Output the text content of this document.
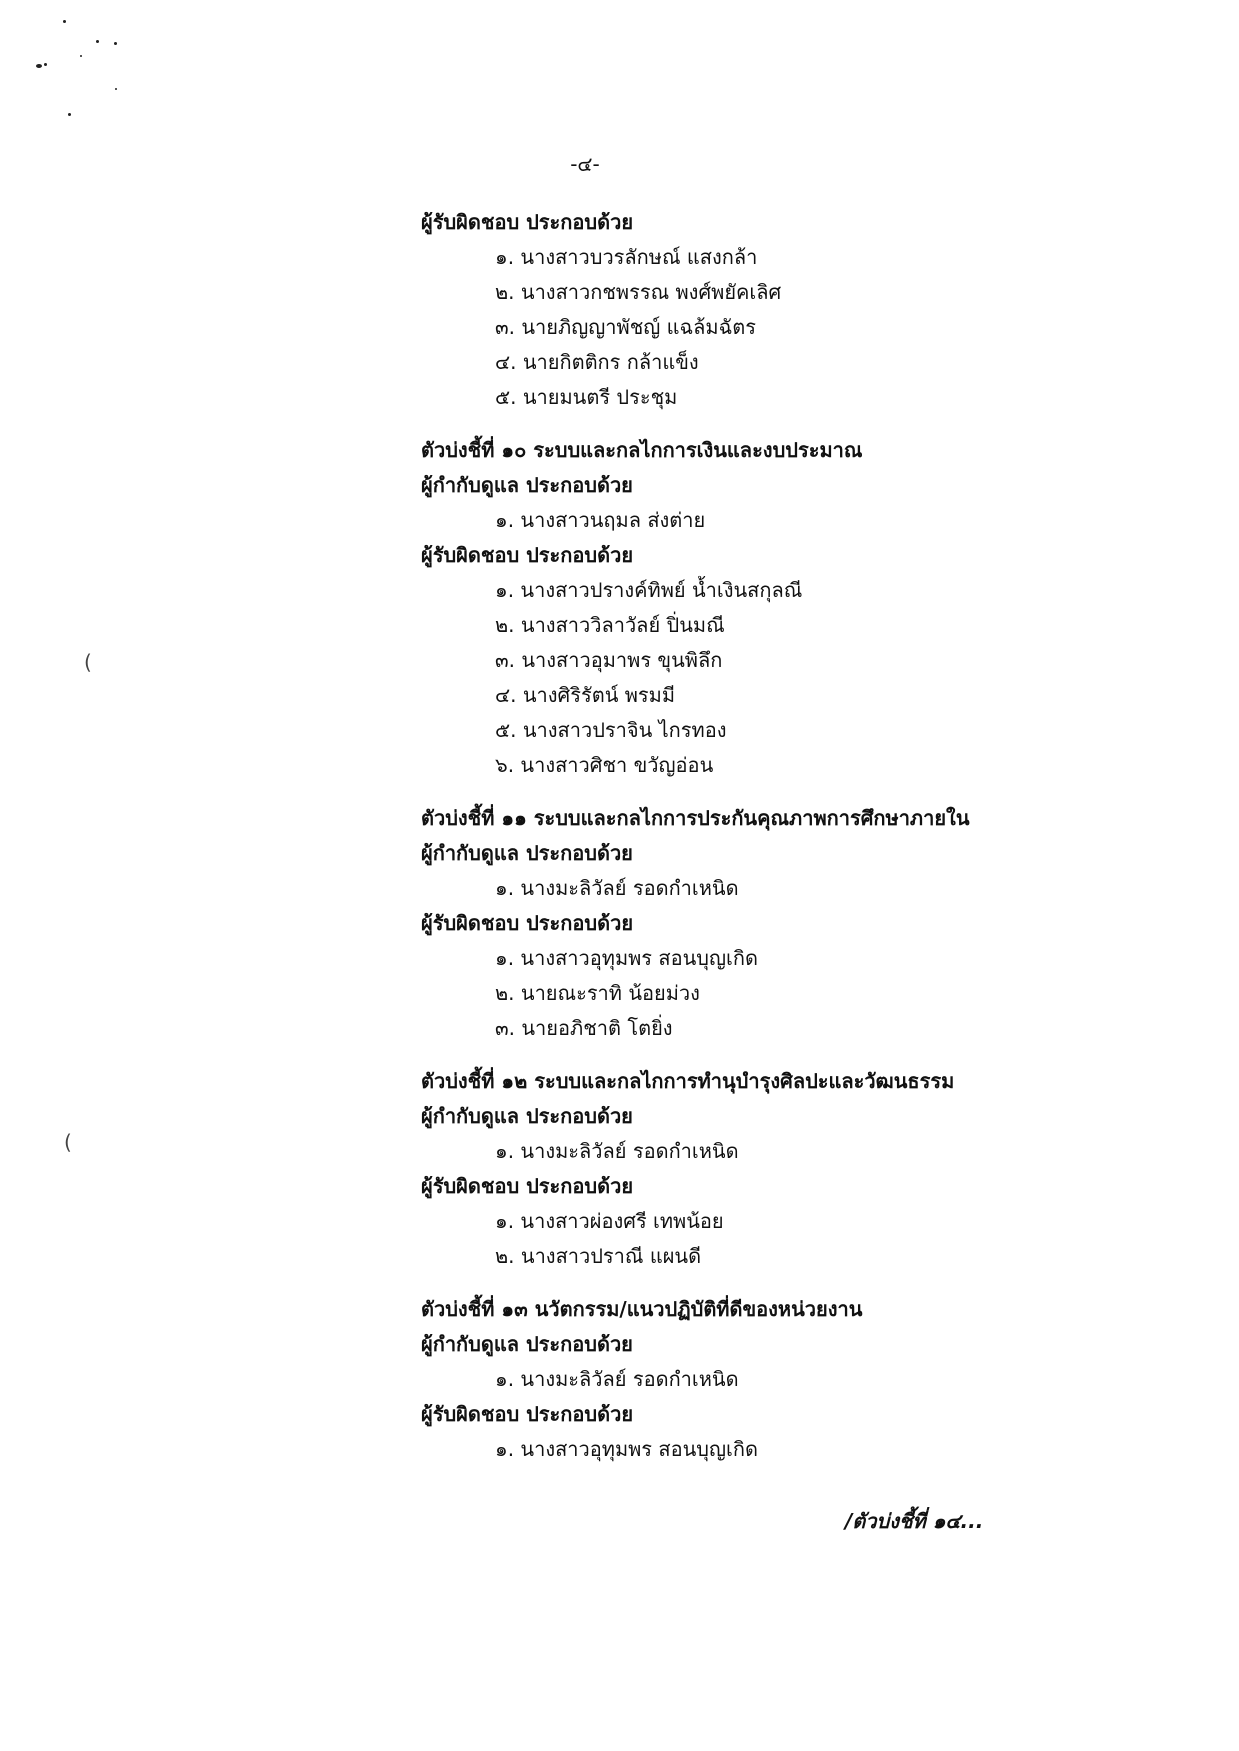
-๔-
(
(
ผู้รับผิดชอบ ประกอบด้วย
๑. นางสาวบวรลักษณ์ แสงกล้า
๒. นางสาวกชพรรณ พงศ์พยัคเลิศ
๓. นายภิญญาพัชญ์ แฉล้มฉัตร
๔. นายกิตติกร กล้าแข็ง
๕. นายมนตรี ประชุม
ตัวบ่งชี้ที่ ๑๐ ระบบและกลไกการเงินและงบประมาณ
ผู้กำกับดูแล ประกอบด้วย
๑. นางสาวนฤมล ส่งต่าย
ผู้รับผิดชอบ ประกอบด้วย
๑. นางสาวปรางค์ทิพย์ น้ำเงินสกุลณี
๒. นางสาววิลาวัลย์ ปิ่นมณี
๓. นางสาวอุมาพร ขุนพิลึก
๔. นางศิริรัตน์ พรมมี
๕. นางสาวปราจิน ไกรทอง
๖. นางสาวศิชา ขวัญอ่อน
ตัวบ่งชี้ที่ ๑๑ ระบบและกลไกการประกันคุณภาพการศึกษาภายใน
ผู้กำกับดูแล ประกอบด้วย
๑. นางมะลิวัลย์ รอดกำเหนิด
ผู้รับผิดชอบ ประกอบด้วย
๑. นางสาวอุทุมพร สอนบุญเกิด
๒. นายณะราทิ น้อยม่วง
๓. นายอภิชาติ โตยิ่ง
ตัวบ่งชี้ที่ ๑๒ ระบบและกลไกการทำนุบำรุงศิลปะและวัฒนธรรม
ผู้กำกับดูแล ประกอบด้วย
๑. นางมะลิวัลย์ รอดกำเหนิด
ผู้รับผิดชอบ ประกอบด้วย
๑. นางสาวผ่องศรี เทพน้อย
๒. นางสาวปราณี แผนดี
ตัวบ่งชี้ที่ ๑๓ นวัตกรรม/แนวปฏิบัติที่ดีของหน่วยงาน
ผู้กำกับดูแล ประกอบด้วย
๑. นางมะลิวัลย์ รอดกำเหนิด
ผู้รับผิดชอบ ประกอบด้วย
๑. นางสาวอุทุมพร สอนบุญเกิด
/ตัวบ่งชี้ที่ ๑๔...
